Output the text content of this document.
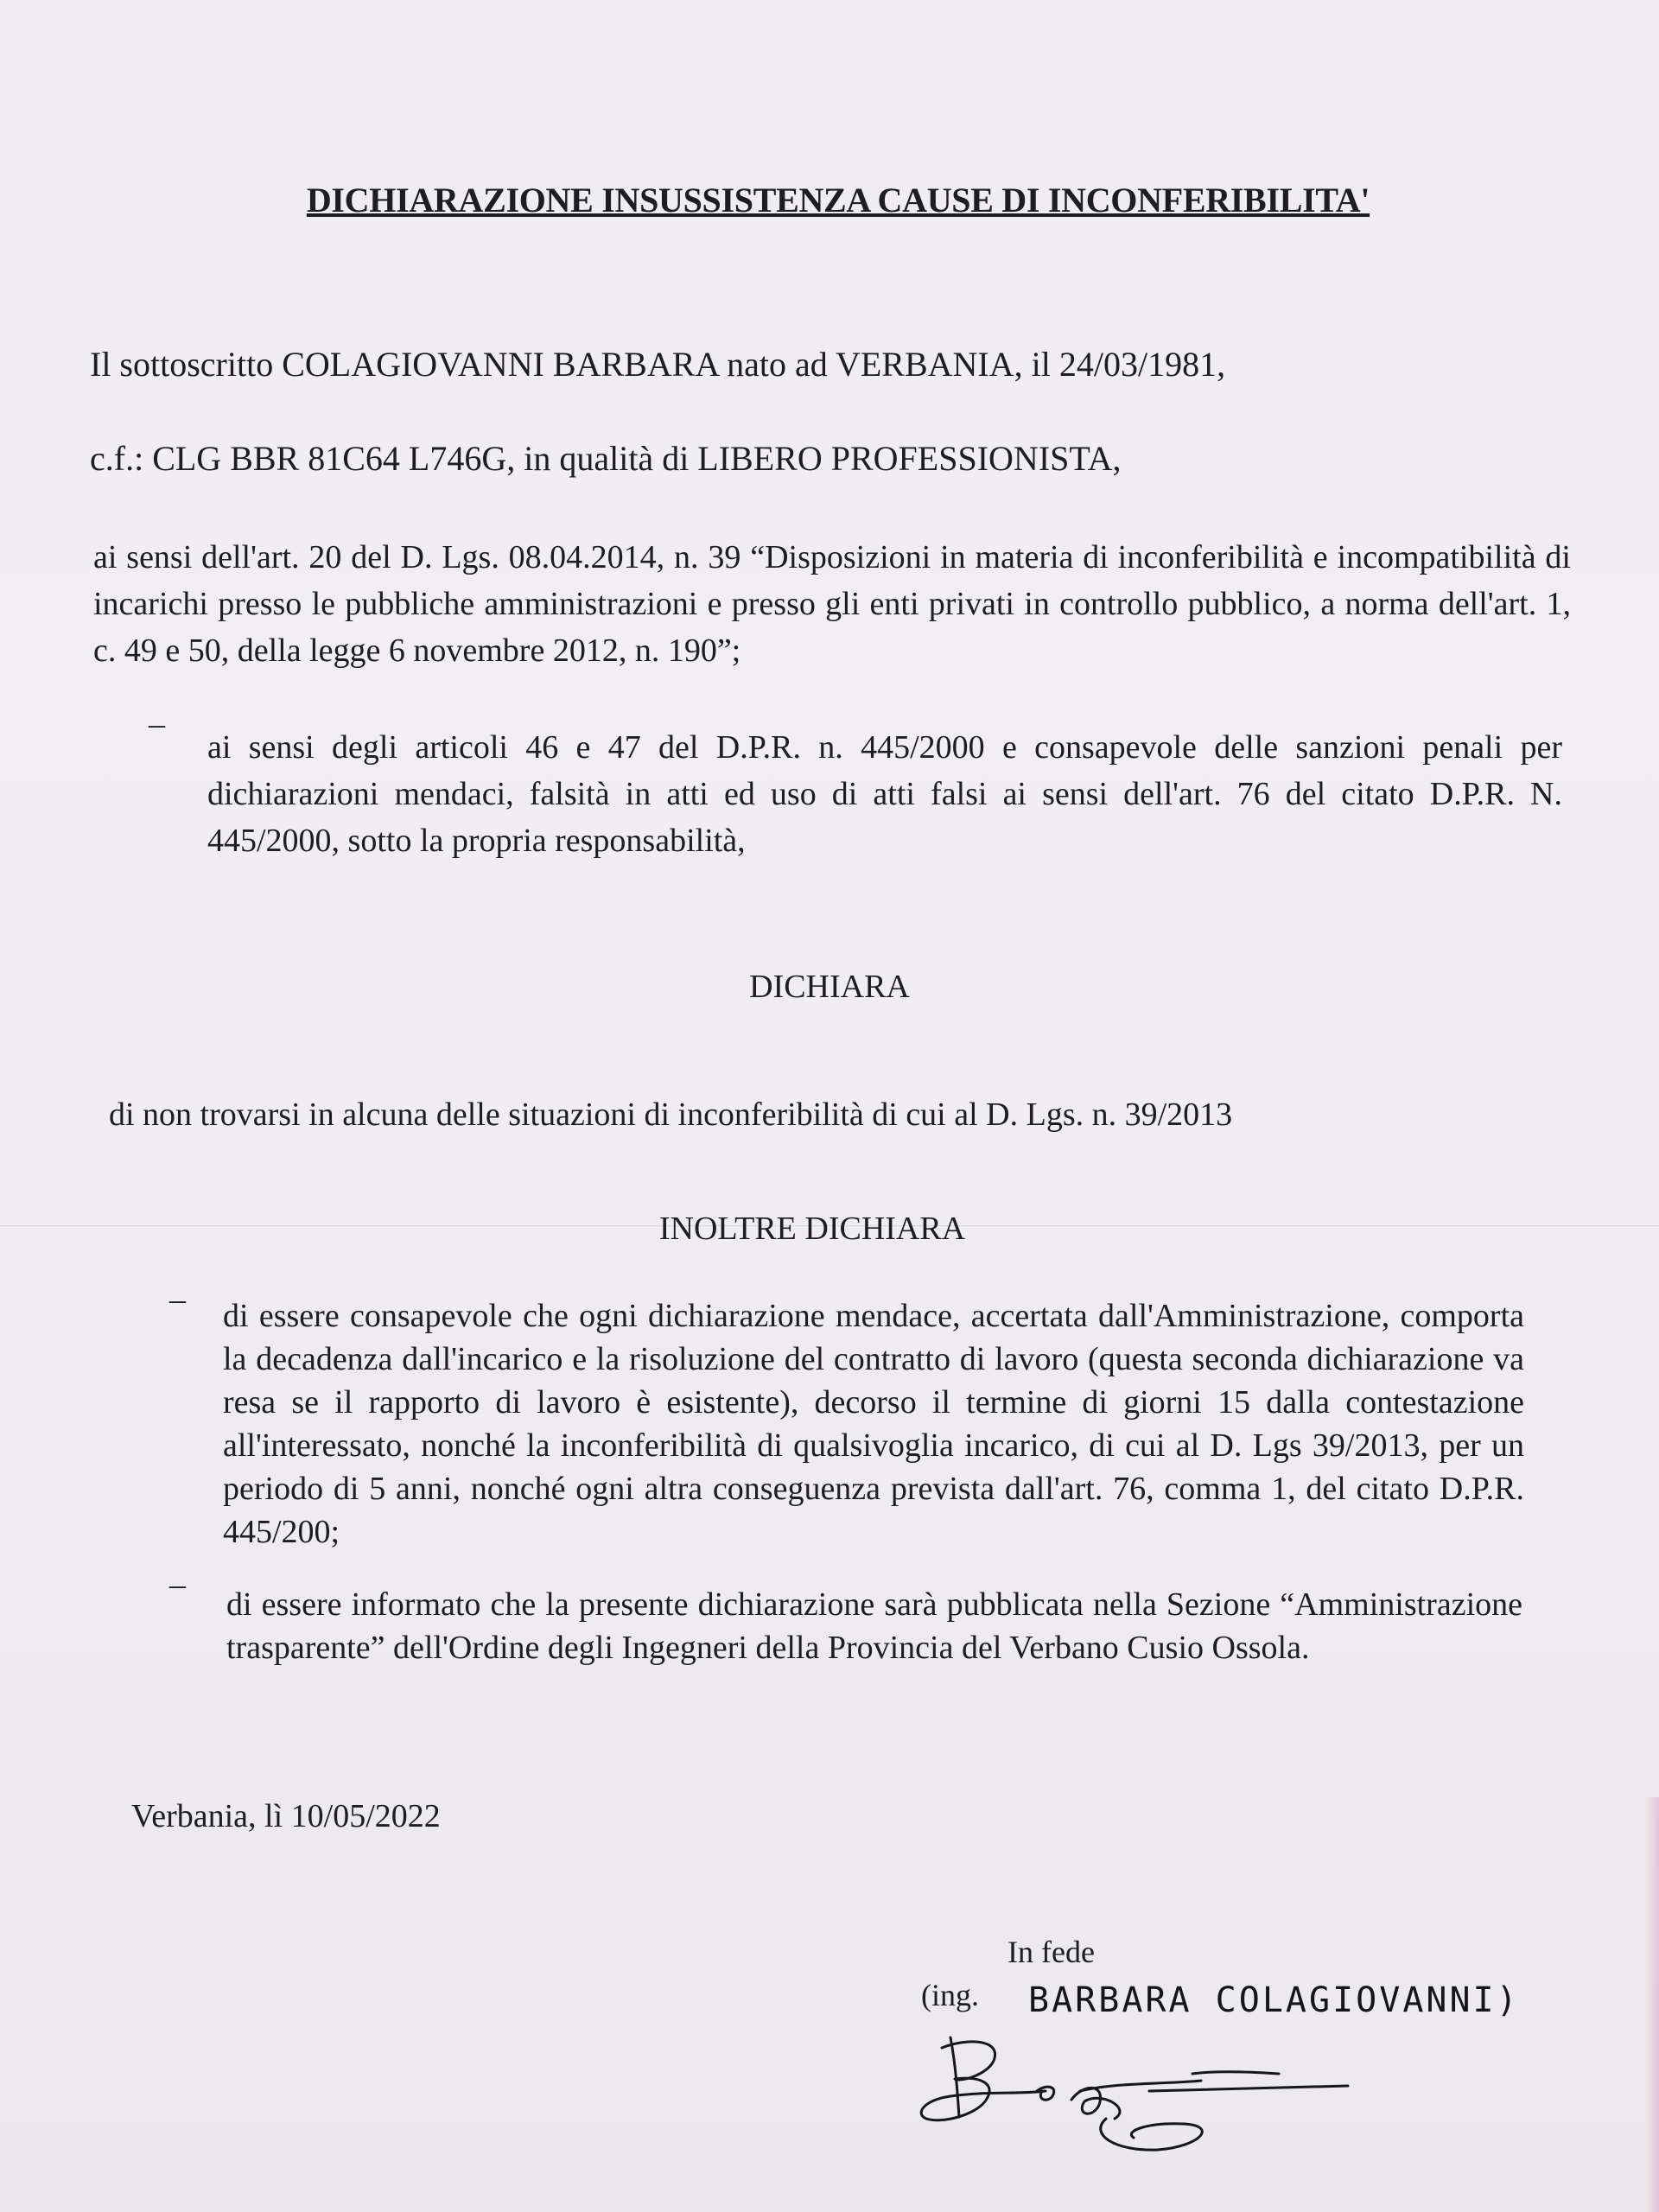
DICHIARAZIONE INSUSSISTENZA CAUSE DI INCONFERIBILITA'
Il sottoscritto COLAGIOVANNI BARBARA nato ad VERBANIA, il 24/03/1981,
c.f.: CLG BBR 81C64 L746G, in qualità di LIBERO PROFESSIONISTA,
ai sensi dell'art. 20 del D. Lgs. 08.04.2014, n. 39 “Disposizioni in materia di inconferibilità e incompatibilità di incarichi presso le pubbliche amministrazioni e presso gli enti privati in controllo pubblico, a norma dell'art. 1, c. 49 e 50, della legge 6 novembre 2012, n. 190”;
–
ai sensi degli articoli 46 e 47 del D.P.R. n. 445/2000 e consapevole delle sanzioni penali per dichiarazioni mendaci, falsità in atti ed uso di atti falsi ai sensi dell'art. 76 del citato D.P.R. N. 445/2000, sotto la propria responsabilità,
DICHIARA
di non trovarsi in alcuna delle situazioni di inconferibilità di cui al D. Lgs. n. 39/2013
INOLTRE DICHIARA
– di essere consapevole che ogni dichiarazione mendace, accertata dall'Amministrazione, comporta la decadenza dall'incarico e la risoluzione del contratto di lavoro (questa seconda dichiarazione va resa se il rapporto di lavoro è esistente), decorso il termine di giorni 15 dalla contestazione all'interessato, nonché la inconferibilità di qualsivoglia incarico, di cui al D. Lgs 39/2013, per un periodo di 5 anni, nonché ogni altra conseguenza prevista dall'art. 76, comma 1, del citato D.P.R. 445/200;
–
di essere informato che la presente dichiarazione sarà pubblicata nella Sezione “Amministrazione trasparente” dell'Ordine degli Ingegneri della Provincia del Verbano Cusio Ossola.
Verbania, lì 10/05/2022
In fede
(ing. BARBARA COLAGIOVANNI)
